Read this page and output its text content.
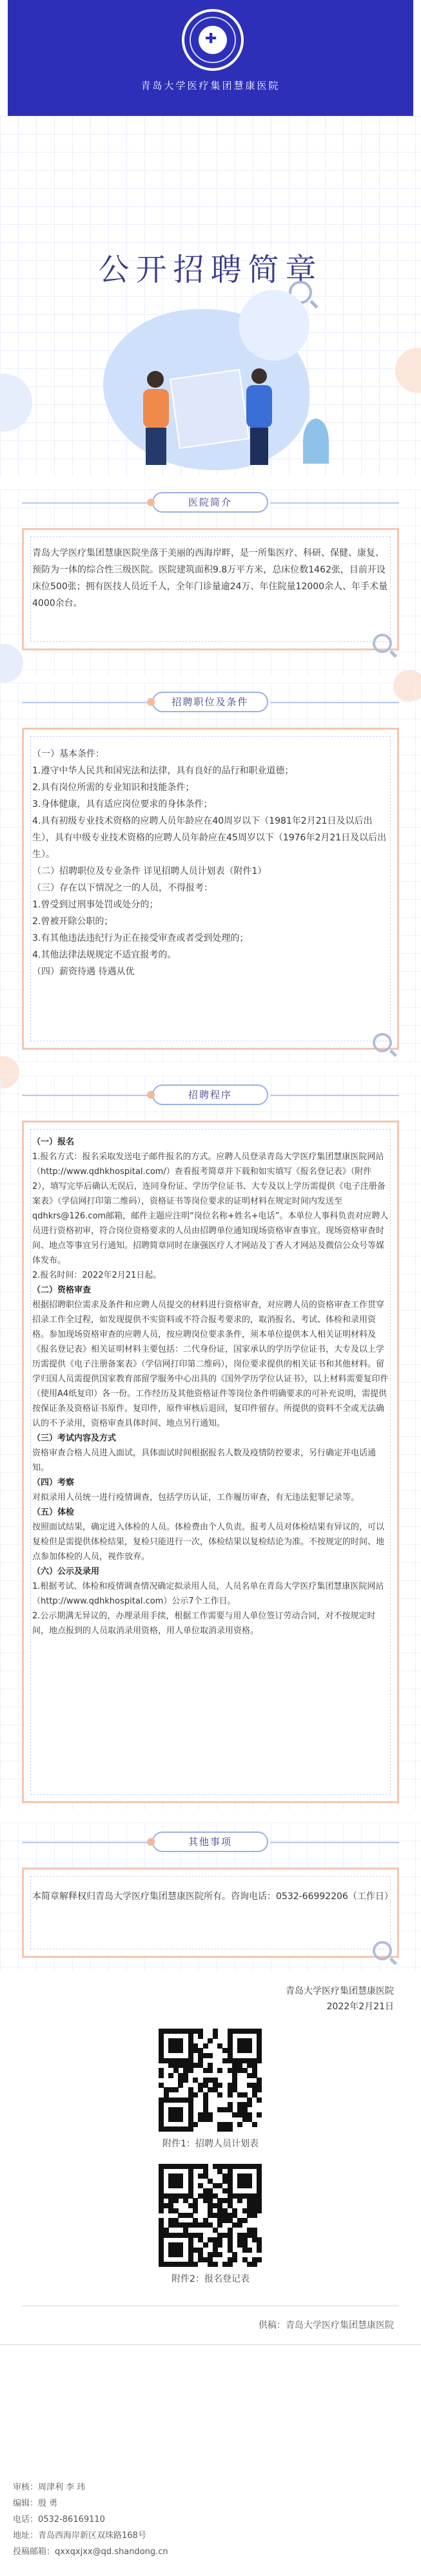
✚
青岛大学医疗集团慧康医院
公开招聘简章
医院简介
青岛大学医疗集团慧康医院坐落于美丽的西海岸畔，是一所集医疗、科研、保健、康复、预防为一体的综合性三级医院。医院建筑面积9.8万平方米，总床位数1462张，目前开设床位500张；拥有医技人员近千人，全年门诊量逾24万、年住院量12000余人、年手术量4000余台。
招聘职位及条件

（一）基本条件：

1.遵守中华人民共和国宪法和法律，具有良好的品行和职业道德；

2.具有岗位所需的专业知识和技能条件；

3.身体健康，具有适应岗位要求的身体条件；

4.具有初级专业技术资格的应聘人员年龄应在40周岁以下（1981年2月21日及以后出生），具有中级专业技术资格的应聘人员年龄应在45周岁以下（1976年2月21日及以后出生）。

（二）招聘职位及专业条件 详见招聘人员计划表（附件1）

（三）存在以下情况之一的人员，不得报考：

1.曾受到过刑事处罚或处分的；

2.曾被开除公职的；

3.有其他违法违纪行为正在接受审查或者受到处理的；

4.其他法律法规规定不适宜报考的。

（四）薪资待遇 待遇从优

招聘程序

（一）报名

1.报名方式：报名采取发送电子邮件报名的方式。应聘人员登录青岛大学医疗集团慧康医院网站（http://www.qdhkhospital.com/）查看报考简章并下载和如实填写《报名登记表》（附件2），填写完毕后确认无误后，连同身份证、学历学位证书、大专及以上学历需提供《电子注册备案表》（学信网打印第二维码），资格证书等岗位要求的证明材料在规定时间内发送至qdhkrs@126.com邮箱，邮件主题应注明“岗位名称+姓名+电话”。本单位人事科负责对应聘人员进行资格初审，符合岗位资格要求的人员由招聘单位通知现场资格审查事宜。现场资格审查时间、地点等事宜另行通知。招聘简章同时在康强医疗人才网站及丁香人才网站及微信公众号等媒体发布。

2.报名时间：2022年2月21日起。

（二）资格审查

根据招聘职位需求及条件和应聘人员提交的材料进行资格审查，对应聘人员的资格审查工作贯穿招录工作全过程，如发现提供不实资料或不符合报考要求的，取消报名、考试、体检和录用资格。参加现场资格审查的应聘人员，按应聘岗位要求条件，须本单位提供本人相关证明材料及《报名登记表》相关证明材料主要包括：二代身份证，国家承认的学历学位证书，大专及以上学历需提供《电子注册备案表》（学信网打印第二维码），岗位要求提供的相关证书和其他材料。留学归国人员需提供国家教育部留学服务中心出具的《国外学历学位认证书》，以上材料需要复印件（使用A4纸复印）各一份。工作经历及其他资格证件等岗位条件明确要求的可补充说明，需提供按保证条及资格证书原件。复印件，原件审核后退回，复印件留存。所提供的资料不全或无法确认的不予录用，资格审查具体时间、地点另行通知。

（三）考试内容及方式

资格审查合格人员进入面试，具体面试时间根据报名人数及疫情防控要求，另行确定并电话通知。

（四）考察

对拟录用人员统一进行疫情调查，包括学历认证，工作履历审查，有无违法犯罪记录等。

（五）体检

按照面试结果，确定进入体检的人员。体检费由个人负责。报考人员对体检结果有异议的，可以复检但是需提供体检结果，复检只能进行一次，体检结果以复检结论为准。不按规定的时间、地点参加体检的人员，视作放弃。

（六）公示及录用

1.根据考试、体检和疫情调查情况确定拟录用人员，人员名单在青岛大学医疗集团慧康医院网站（http://www.qdhkhospital.com）公示7个工作日。

2.公示期满无异议的，办理录用手续，根据工作需要与用人单位签订劳动合同，对不按规定时间，地点报到的人员取消录用资格，用人单位取消录用资格。

其他事项
本简章解释权归青岛大学医疗集团慧康医院所有。咨询电话：0532-66992206（工作日）
青岛大学医疗集团慧康医院
2022年2月21日
附件1：招聘人员计划表
附件2：报名登记表
供稿：青岛大学医疗集团慧康医院

审核：周津利 李 玮

编辑：殷 勇

电话：0532-86169110

地址：青岛西海岸新区双珠路168号

投稿邮箱：qxxqxjxx@qd.shandong.cn
